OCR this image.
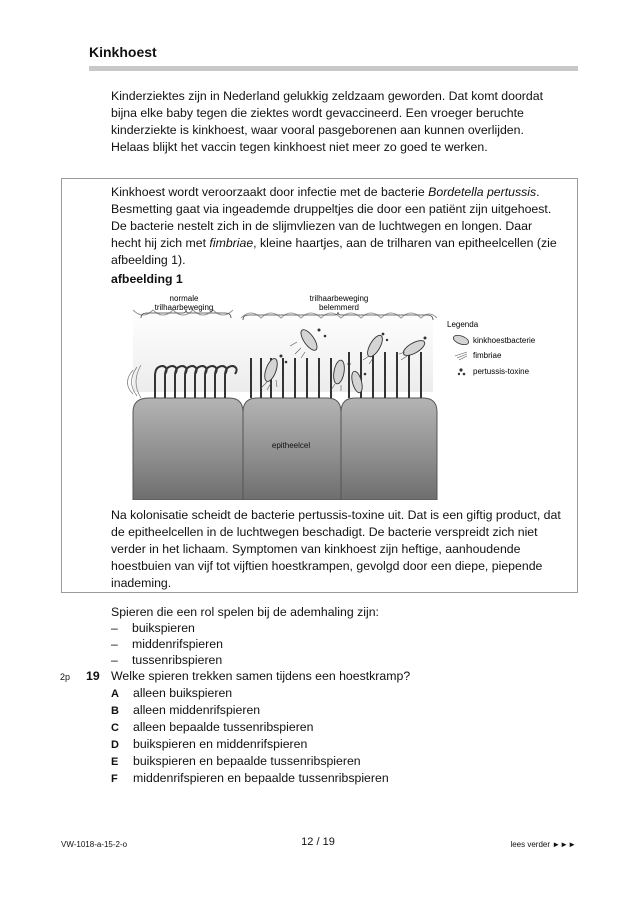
Kinkhoest
Kinderziektes zijn in Nederland gelukkig zeldzaam geworden. Dat komt doordat bijna elke baby tegen die ziektes wordt gevaccineerd. Een vroeger beruchte kinderziekte is kinkhoest, waar vooral pasgeborenen aan kunnen overlijden. Helaas blijkt het vaccin tegen kinkhoest niet meer zo goed te werken.
Kinkhoest wordt veroorzaakt door infectie met de bacterie Bordetella pertussis. Besmetting gaat via ingeademde druppeltjes die door een patiënt zijn uitgehoest. De bacterie nestelt zich in de slijmvliezen van de luchtwegen en longen. Daar hecht hij zich met fimbriae, kleine haartjes, aan de trilharen van epitheelcellen (zie afbeelding 1).
afbeelding 1
normale
trilhaarbeweging
trilhaarbeweging
belemmerd
epitheelcel
Legenda
kinkhoestbacterie
fimbriae
pertussis-toxine
Na kolonisatie scheidt de bacterie pertussis-toxine uit. Dat is een giftig product, dat de epitheelcellen in de luchtwegen beschadigt. De bacterie verspreidt zich niet verder in het lichaam. Symptomen van kinkhoest zijn heftige, aanhoudende hoestbuien van vijf tot vijftien hoestkrampen, gevolgd door een diepe, piepende inademing.
Spieren die een rol spelen bij de ademhaling zijn:
– buikspieren
– middenrifspieren
– tussenribspieren
2p 19 Welke spieren trekken samen tijdens een hoestkramp?
A alleen buikspieren
B alleen middenrifspieren
C alleen bepaalde tussenribspieren
D buikspieren en middenrifspieren
E buikspieren en bepaalde tussenribspieren
F middenrifspieren en bepaalde tussenribspieren
VW-1018-a-15-2-o	12 / 19	lees verder ►►►
